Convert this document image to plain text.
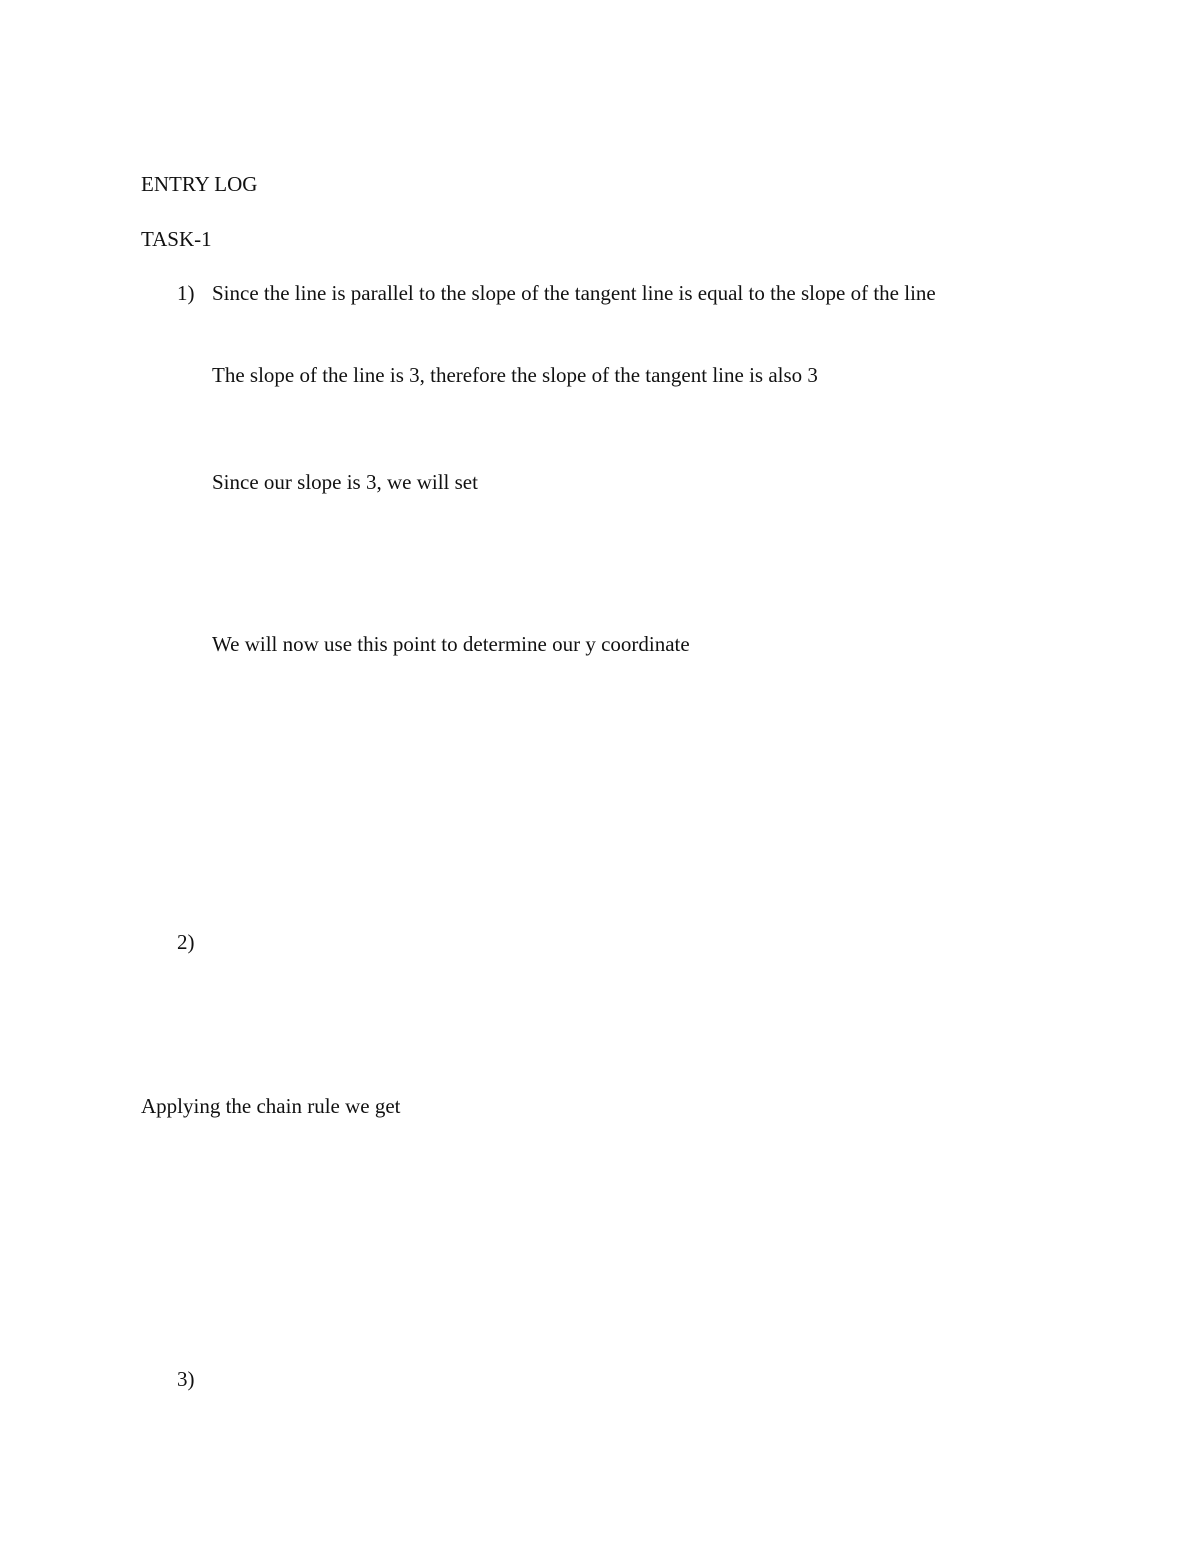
ENTRY LOG
TASK-1
1) Since the line is parallel to the slope of the tangent line is equal to the slope of the line
The slope of the line is 3, therefore the slope of the tangent line is also 3
Since our slope is 3, we will set
We will now use this point to determine our y coordinate
2)
Applying the chain rule we get
3)
